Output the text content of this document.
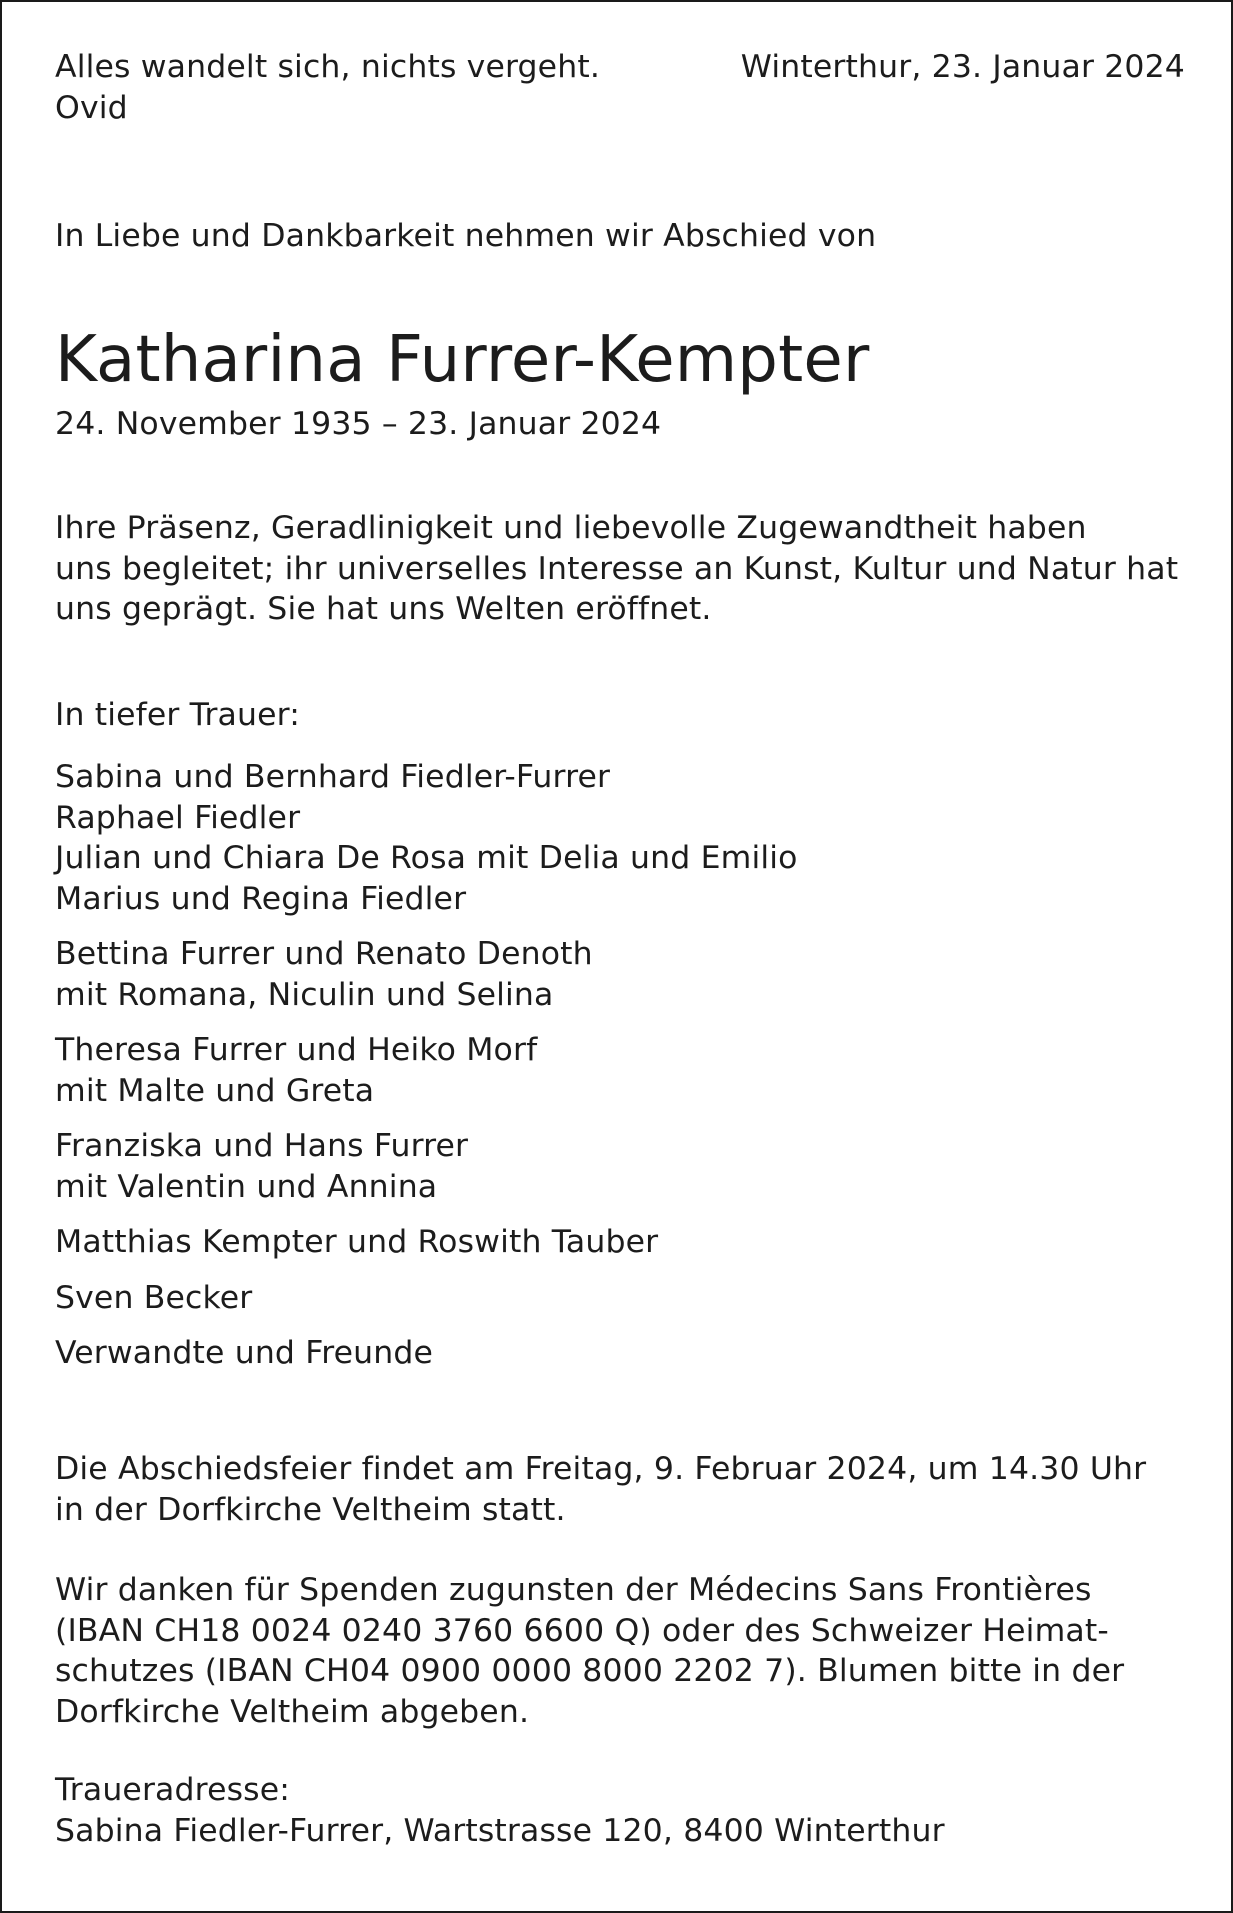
Alles wandelt sich, nichts vergeht.
Ovid
Winterthur, 23. Januar 2024
In Liebe und Dankbarkeit nehmen wir Abschied von
Katharina Furrer-Kempter
24. November 1935 – 23. Januar 2024
Ihre Präsenz, Geradlinigkeit und liebevolle Zugewandtheit haben
uns begleitet; ihr universelles Interesse an Kunst, Kultur und Natur hat
uns geprägt. Sie hat uns Welten eröffnet.
In tiefer Trauer:
Sabina und Bernhard Fiedler-Furrer
Raphael Fiedler
Julian und Chiara De Rosa mit Delia und Emilio
Marius und Regina Fiedler
Bettina Furrer und Renato Denoth
mit Romana, Niculin und Selina
Theresa Furrer und Heiko Morf
mit Malte und Greta
Franziska und Hans Furrer
mit Valentin und Annina
Matthias Kempter und Roswith Tauber
Sven Becker
Verwandte und Freunde
Die Abschiedsfeier findet am Freitag, 9. Februar 2024, um 14.30 Uhr
in der Dorfkirche Veltheim statt.
Wir danken für Spenden zugunsten der Médecins Sans Frontières
(IBAN CH18 0024 0240 3760 6600 Q) oder des Schweizer Heimat-
schutzes (IBAN CH04 0900 0000 8000 2202 7). Blumen bitte in der
Dorfkirche Veltheim abgeben.
Traueradresse:
Sabina Fiedler-Furrer, Wartstrasse 120, 8400 Winterthur
